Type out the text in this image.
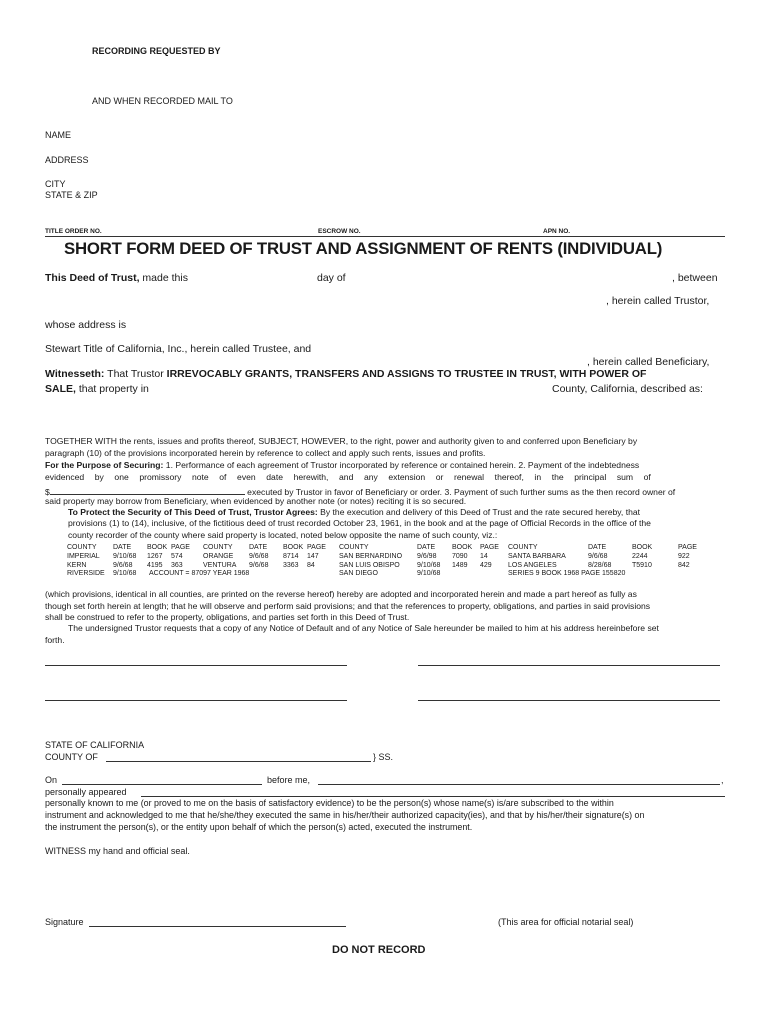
RECORDING REQUESTED BY
AND WHEN RECORDED MAIL TO
NAME
ADDRESS
CITY
STATE & ZIP
TITLE ORDER NO.	ESCROW NO.	APN NO.
SHORT FORM DEED OF TRUST AND ASSIGNMENT OF RENTS (INDIVIDUAL)
This Deed of Trust, made this	day of	, between
, herein called Trustor,
whose address is
Stewart Title of California, Inc., herein called Trustee, and
, herein called Beneficiary,
Witnesseth: That Trustor IRREVOCABLY GRANTS, TRANSFERS AND ASSIGNS TO TRUSTEE IN TRUST, WITH POWER OF
SALE, that property in	County, California, described as:
TOGETHER WITH the rents, issues and profits thereof, SUBJECT, HOWEVER, to the right, power and authority given to and conferred upon Beneficiary by
paragraph (10) of the provisions incorporated herein by reference to collect and apply such rents, issues and profits.
For the Purpose of Securing: 1. Performance of each agreement of Trustor incorporated by reference or contained herein. 2. Payment of the indebtedness
evidenced by one promissory note of even date herewith, and any extension or renewal thereof, in the principal sum of
$	executed by Trustor in favor of Beneficiary or order. 3. Payment of such further sums as the then record owner of
said property may borrow from Beneficiary, when evidenced by another note (or notes) reciting it is so secured.
To Protect the Security of This Deed of Trust, Trustor Agrees: By the execution and delivery of this Deed of Trust and the rate secured hereby, that
provisions (1) to (14), inclusive, of the fictitious deed of trust recorded October 23, 1961, in the book and at the page of Official Records in the office of the
county recorder of the county where said property is located, noted below opposite the name of such county, viz.:
COUNTY	DATE	BOOK	PAGE	COUNTY	DATE	BOOK	PAGE	COUNTY	DATE	BOOK	PAGE	COUNTY	DATE	BOOK	PAGE
IMPERIAL	9/10/68	1267	574	ORANGE	9/6/68	8714	147	SAN BERNARDINO	9/6/98	7090	14	SANTA BARBARA	9/6/68	2244	922
KERN	9/6/68	4195	363	VENTURA	9/6/68	3363	84	SAN LUIS OBISPO	9/10/68	1489	429	LOS ANGELES	8/28/68	T5910	842
RIVERSIDE	9/10/68	ACCOUNT = 87097 YEAR 1968						SAN DIEGO	9/10/68			SERIES 9 BOOK 1968 PAGE 155820			
(which provisions, identical in all counties, are printed on the reverse hereof) hereby are adopted and incorporated herein and made a part hereof as fully as
though set forth herein at length; that he will observe and perform said provisions; and that the references to property, obligations, and parties in said provisions
shall be construed to refer to the property, obligations, and parties set forth in this Deed of Trust.
The undersigned Trustor requests that a copy of any Notice of Default and of any Notice of Sale hereunder be mailed to him at his address hereinbefore set
forth.
STATE OF CALIFORNIA
COUNTY OF	} SS.
On	before me,	,
personally appeared
personally known to me (or proved to me on the basis of satisfactory evidence) to be the person(s) whose name(s) is/are subscribed to the within
instrument and acknowledged to me that he/she/they executed the same in his/her/their authorized capacity(ies), and that by his/her/their signature(s) on
the instrument the person(s), or the entity upon behalf of which the person(s) acted, executed the instrument.
WITNESS my hand and official seal.
Signature	(This area for official notarial seal)
DO NOT RECORD
